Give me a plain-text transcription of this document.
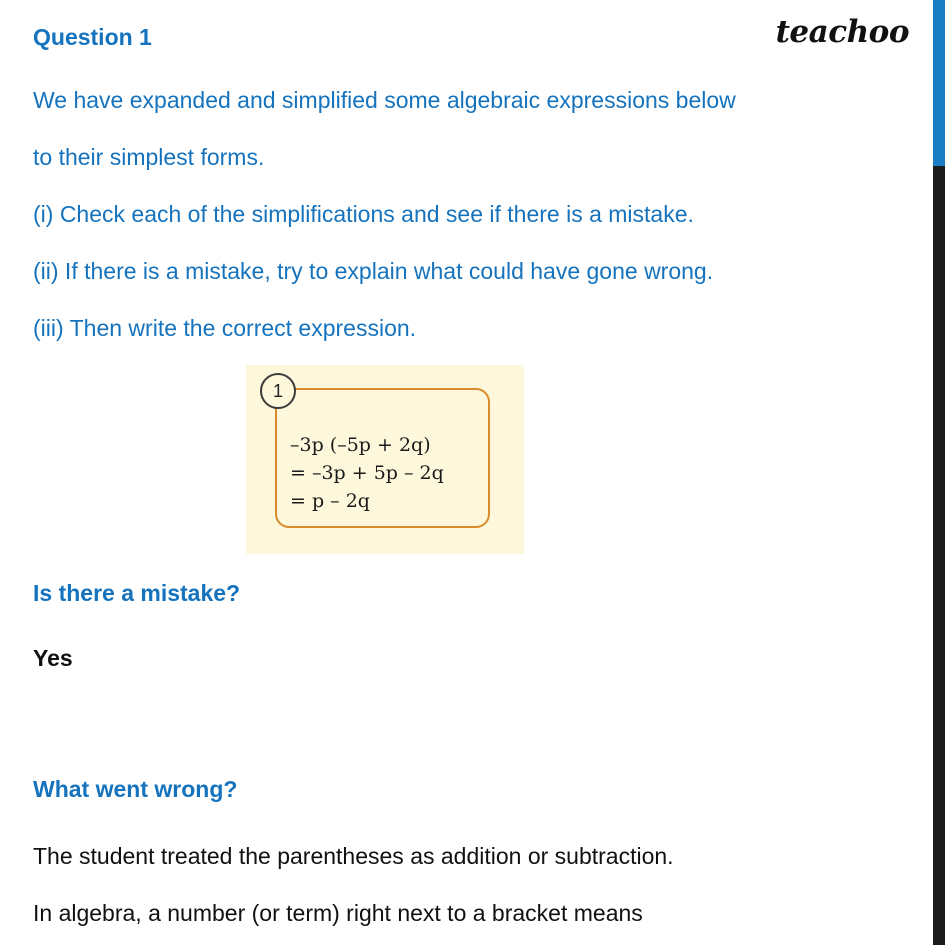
teachoo
Question 1
We have expanded and simplified some algebraic expressions below
to their simplest forms.
(i) Check each of the simplifications and see if there is a mistake.
(ii) If there is a mistake, try to explain what could have gone wrong.
(iii) Then write the correct expression.
1
–3p (–5p + 2q)
= –3p + 5p – 2q
= p – 2q
Is there a mistake?
Yes
What went wrong?
The student treated the parentheses as addition or subtraction.
In algebra, a number (or term) right next to a bracket means
